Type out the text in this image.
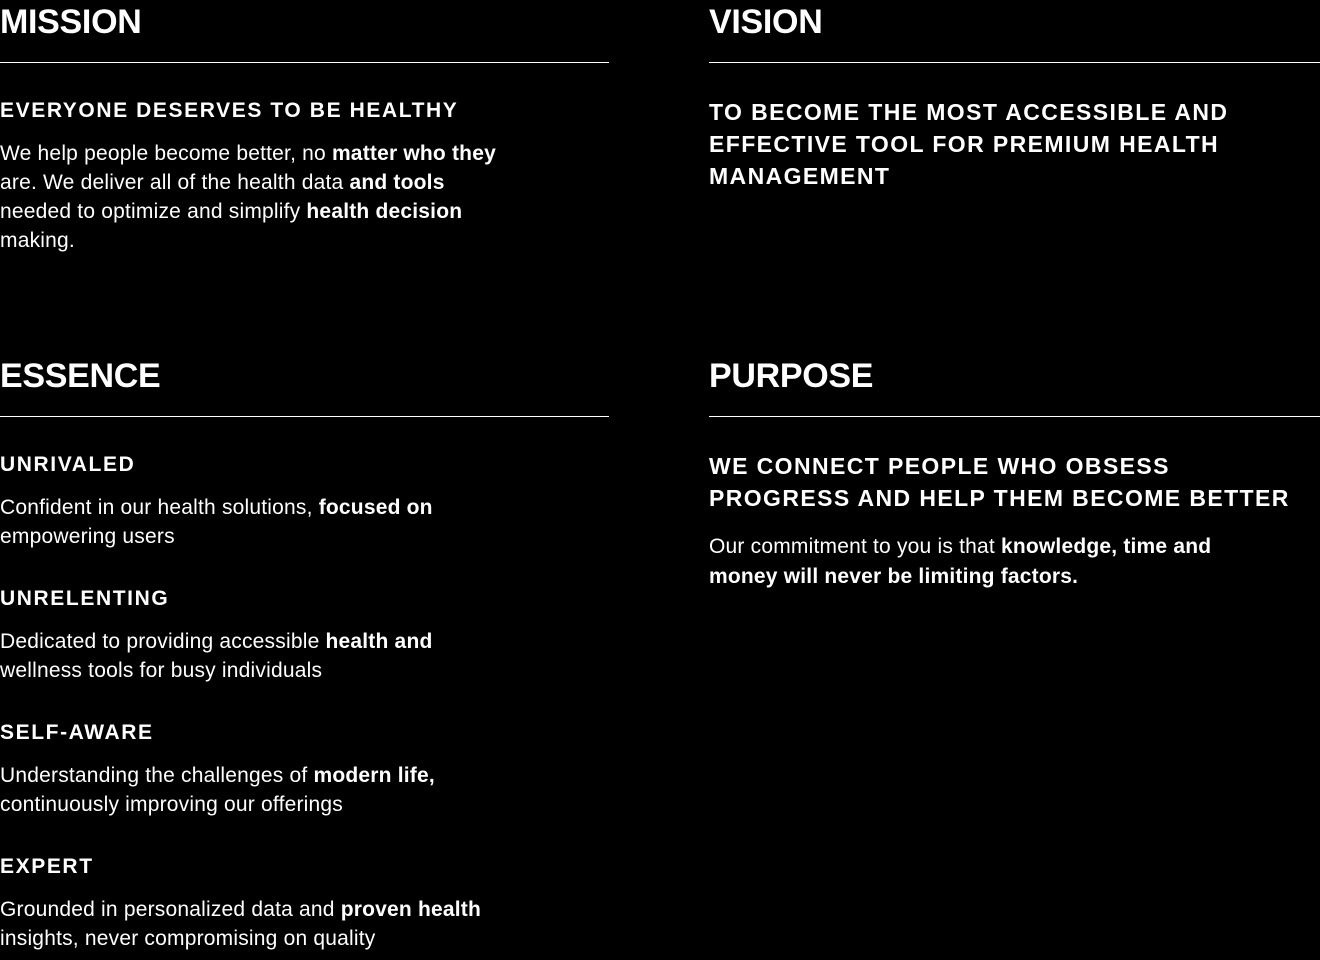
MISSION
EVERYONE DESERVES TO BE HEALTHY

We help people become better, no matter who they
are. We deliver all of the health data and tools
needed to optimize and simplify health decision
making.

VISION

TO BECOME THE MOST ACCESSIBLE AND
EFFECTIVE TOOL FOR PREMIUM HEALTH
MANAGEMENT

ESSENCE
UNRIVALED

Confident in our health solutions, focused on
empowering users

UNRELENTING

Dedicated to providing accessible health and
wellness tools for busy individuals

SELF-AWARE

Understanding the challenges of modern life,
continuously improving our offerings

EXPERT

Grounded in personalized data and proven health
insights, never compromising on quality

PURPOSE

WE CONNECT PEOPLE WHO OBSESS
PROGRESS AND HELP THEM BECOME BETTER

Our commitment to you is that knowledge, time and
money will never be limiting factors.
